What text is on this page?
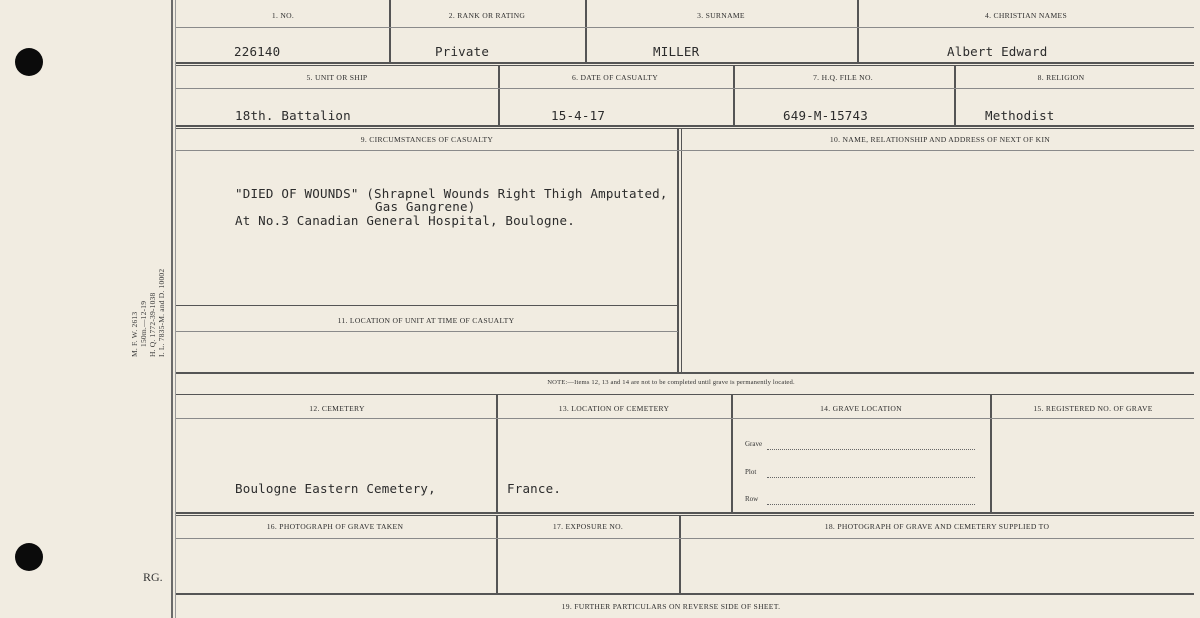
M. F. W. 2613 150m.—12-19 H. Q. 1772-39-1038 I. L. 7835-M. and D. 10002
RG.
1. NO.	2. RANK OR RATING	3. SURNAME	4. CHRISTIAN NAMES
226140	Private	MILLER	Albert Edward
5. UNIT OR SHIP	6. DATE OF CASUALTY	7. H.Q. FILE NO.	8. RELIGION
18th. Battalion	15-4-17	649-M-15743	Methodist
9. CIRCUMSTANCES OF CASUALTY	10. NAME, RELATIONSHIP AND ADDRESS OF NEXT OF KIN
11. LOCATION OF UNIT AT TIME OF CASUALTY
"DIED OF WOUNDS" (Shrapnel Wounds Right Thigh Amputated,
Gas Gangrene)
At No.3 Canadian General Hospital, Boulogne.
NOTE:—Items 12, 13 and 14 are not to be completed until grave is permanently located.
12. CEMETERY	13. LOCATION OF CEMETERY	14. GRAVE LOCATION	15. REGISTERED NO. OF GRAVE
Boulogne Eastern Cemetery,	France.
Grave
Plot
Row
16. PHOTOGRAPH OF GRAVE TAKEN	17. EXPOSURE NO.	18. PHOTOGRAPH OF GRAVE AND CEMETERY SUPPLIED TO
19. FURTHER PARTICULARS ON REVERSE SIDE OF SHEET.
